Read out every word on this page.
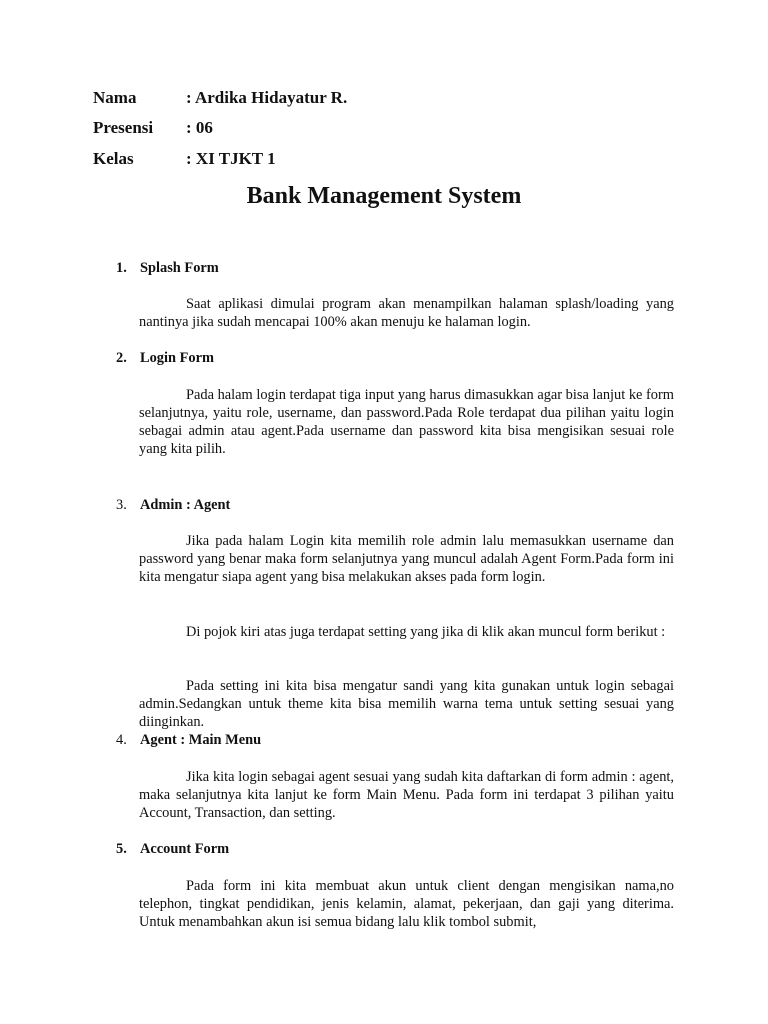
Nama	: Ardika Hidayatur R.
Presensi : 06
Kelas	: XI TJKT 1
Bank Management System
1. Splash Form
Saat aplikasi dimulai program akan menampilkan halaman splash/loading yang nantinya jika sudah mencapai 100% akan menuju ke halaman login.
2. Login Form
Pada halam login terdapat tiga input yang harus dimasukkan agar bisa lanjut ke form selanjutnya, yaitu role, username, dan password.Pada Role terdapat dua pilihan yaitu login sebagai admin atau agent.Pada username dan password kita bisa mengisikan sesuai role yang kita pilih.
3. Admin : Agent
Jika pada halam Login kita memilih role admin lalu memasukkan username dan password yang benar maka form selanjutnya yang muncul adalah Agent Form.Pada form ini kita mengatur siapa agent yang bisa melakukan akses pada form login.
Di pojok kiri atas juga terdapat setting yang jika di klik akan muncul form berikut :
Pada setting ini kita bisa mengatur sandi yang kita gunakan untuk login sebagai admin.Sedangkan untuk theme kita bisa memilih warna tema untuk setting sesuai yang diinginkan.
4. Agent : Main Menu
Jika kita login sebagai agent sesuai yang sudah kita daftarkan di form admin : agent, maka selanjutnya kita lanjut ke form Main Menu. Pada form ini terdapat 3 pilihan yaitu Account, Transaction, dan setting.
5. Account Form
Pada form ini kita membuat akun untuk client dengan mengisikan nama,no telephon, tingkat pendidikan, jenis kelamin, alamat, pekerjaan, dan gaji yang diterima. Untuk menambahkan akun isi semua bidang lalu klik tombol submit,
